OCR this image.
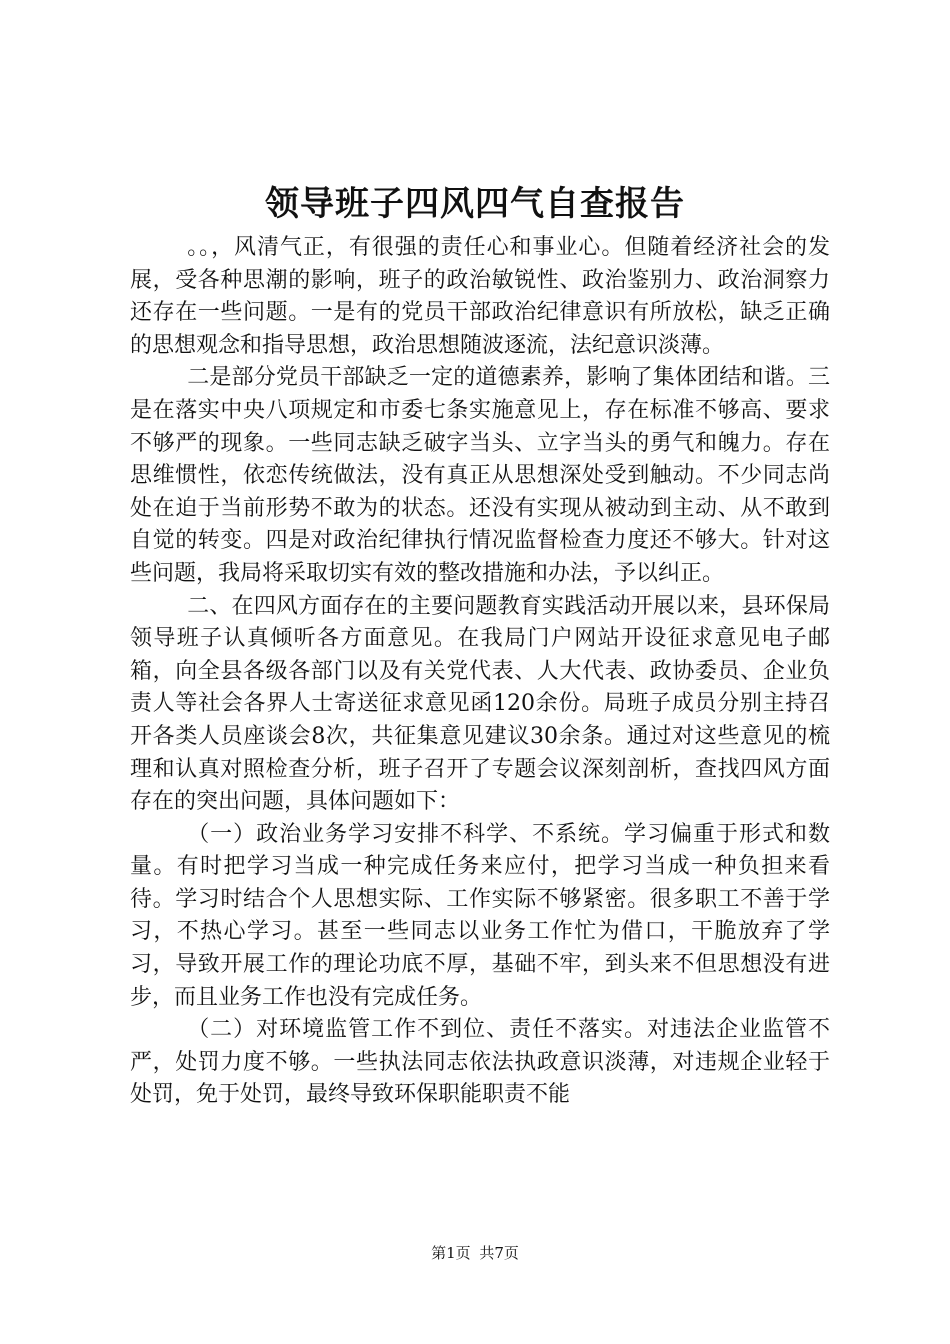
领导班子四风四气自查报告

。。，风清气正，有很强的责任心和事业心。但随着经济社会的发展，受各种思潮的影响，班子的政治敏锐性、政治鉴别力、政治洞察力还存在一些问题。一是有的党员干部政治纪律意识有所放松，缺乏正确的思想观念和指导思想，政治思想随波逐流，法纪意识淡薄。

二是部分党员干部缺乏一定的道德素养，影响了集体团结和谐。三是在落实中央八项规定和市委七条实施意见上，存在标准不够高、要求不够严的现象。一些同志缺乏破字当头、立字当头的勇气和魄力。存在思维惯性，依恋传统做法，没有真正从思想深处受到触动。不少同志尚处在迫于当前形势不敢为的状态。还没有实现从被动到主动、从不敢到自觉的转变。四是对政治纪律执行情况监督检查力度还不够大。针对这些问题，我局将采取切实有效的整改措施和办法，予以纠正。

二、在四风方面存在的主要问题教育实践活动开展以来，县环保局领导班子认真倾听各方面意见。在我局门户网站开设征求意见电子邮箱，向全县各级各部门以及有关党代表、人大代表、政协委员、企业负责人等社会各界人士寄送征求意见函120余份。局班子成员分别主持召开各类人员座谈会8次，共征集意见建议30余条。通过对这些意见的梳理和认真对照检查分析，班子召开了专题会议深刻剖析，查找四风方面存在的突出问题，具体问题如下：

（一）政治业务学习安排不科学、不系统。学习偏重于形式和数量。有时把学习当成一种完成任务来应付，把学习当成一种负担来看待。学习时结合个人思想实际、工作实际不够紧密。很多职工不善于学习，不热心学习。甚至一些同志以业务工作忙为借口，干脆放弃了学习，导致开展工作的理论功底不厚，基础不牢，到头来不但思想没有进步，而且业务工作也没有完成任务。

（二）对环境监管工作不到位、责任不落实。对违法企业监管不严，处罚力度不够。一些执法同志依法执政意识淡薄，对违规企业轻于处罚，免于处罚，最终导致环保职能职责不能

第1页 共7页
